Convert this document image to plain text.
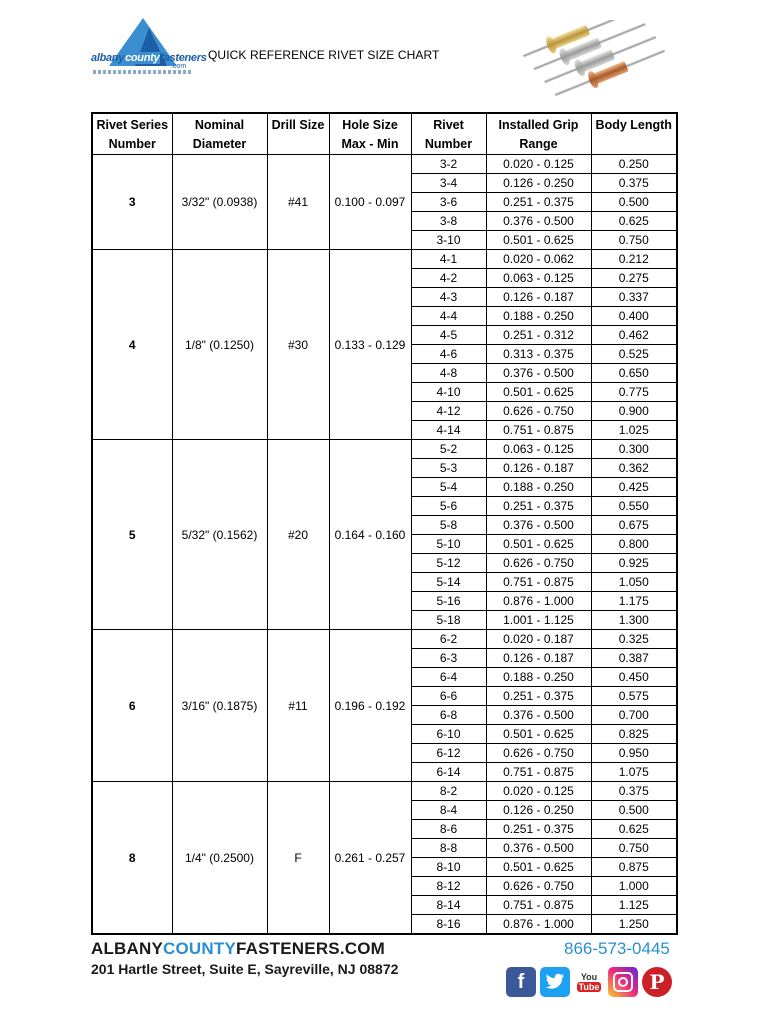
albanycountyfasteners
.com
QUICK REFERENCE RIVET SIZE CHART
Rivet Series Number	Nominal Diameter	Drill Size	Hole Size Max - Min	Rivet Number	Installed Grip Range	Body Length
3	3/32" (0.0938)	#41	0.100 - 0.097	3-2	0.020 - 0.125	0.250
				3-4	0.126 - 0.250	0.375
				3-6	0.251 - 0.375	0.500
				3-8	0.376 - 0.500	0.625
				3-10	0.501 - 0.625	0.750
4	1/8" (0.1250)	#30	0.133 - 0.129	4-1	0.020 - 0.062	0.212
				4-2	0.063 - 0.125	0.275
				4-3	0.126 - 0.187	0.337
				4-4	0.188 - 0.250	0.400
				4-5	0.251 - 0.312	0.462
				4-6	0.313 - 0.375	0.525
				4-8	0.376 - 0.500	0.650
				4-10	0.501 - 0.625	0.775
				4-12	0.626 - 0.750	0.900
				4-14	0.751 - 0.875	1.025
5	5/32" (0.1562)	#20	0.164 - 0.160	5-2	0.063 - 0.125	0.300
				5-3	0.126 - 0.187	0.362
				5-4	0.188 - 0.250	0.425
				5-6	0.251 - 0.375	0.550
				5-8	0.376 - 0.500	0.675
				5-10	0.501 - 0.625	0.800
				5-12	0.626 - 0.750	0.925
				5-14	0.751 - 0.875	1.050
				5-16	0.876 - 1.000	1.175
				5-18	1.001 - 1.125	1.300
6	3/16" (0.1875)	#11	0.196 - 0.192	6-2	0.020 - 0.187	0.325
				6-3	0.126 - 0.187	0.387
				6-4	0.188 - 0.250	0.450
				6-6	0.251 - 0.375	0.575
				6-8	0.376 - 0.500	0.700
				6-10	0.501 - 0.625	0.825
				6-12	0.626 - 0.750	0.950
				6-14	0.751 - 0.875	1.075
8	1/4" (0.2500)	F	0.261 - 0.257	8-2	0.020 - 0.125	0.375
				8-4	0.126 - 0.250	0.500
				8-6	0.251 - 0.375	0.625
				8-8	0.376 - 0.500	0.750
				8-10	0.501 - 0.625	0.875
				8-12	0.626 - 0.750	1.000
				8-14	0.751 - 0.875	1.125
				8-16	0.876 - 1.000	1.250
ALBANYCOUNTYFASTENERS.COM
201 Hartle Street, Suite E, Sayreville, NJ 08872
866-573-0445
f	You
Tube	P
